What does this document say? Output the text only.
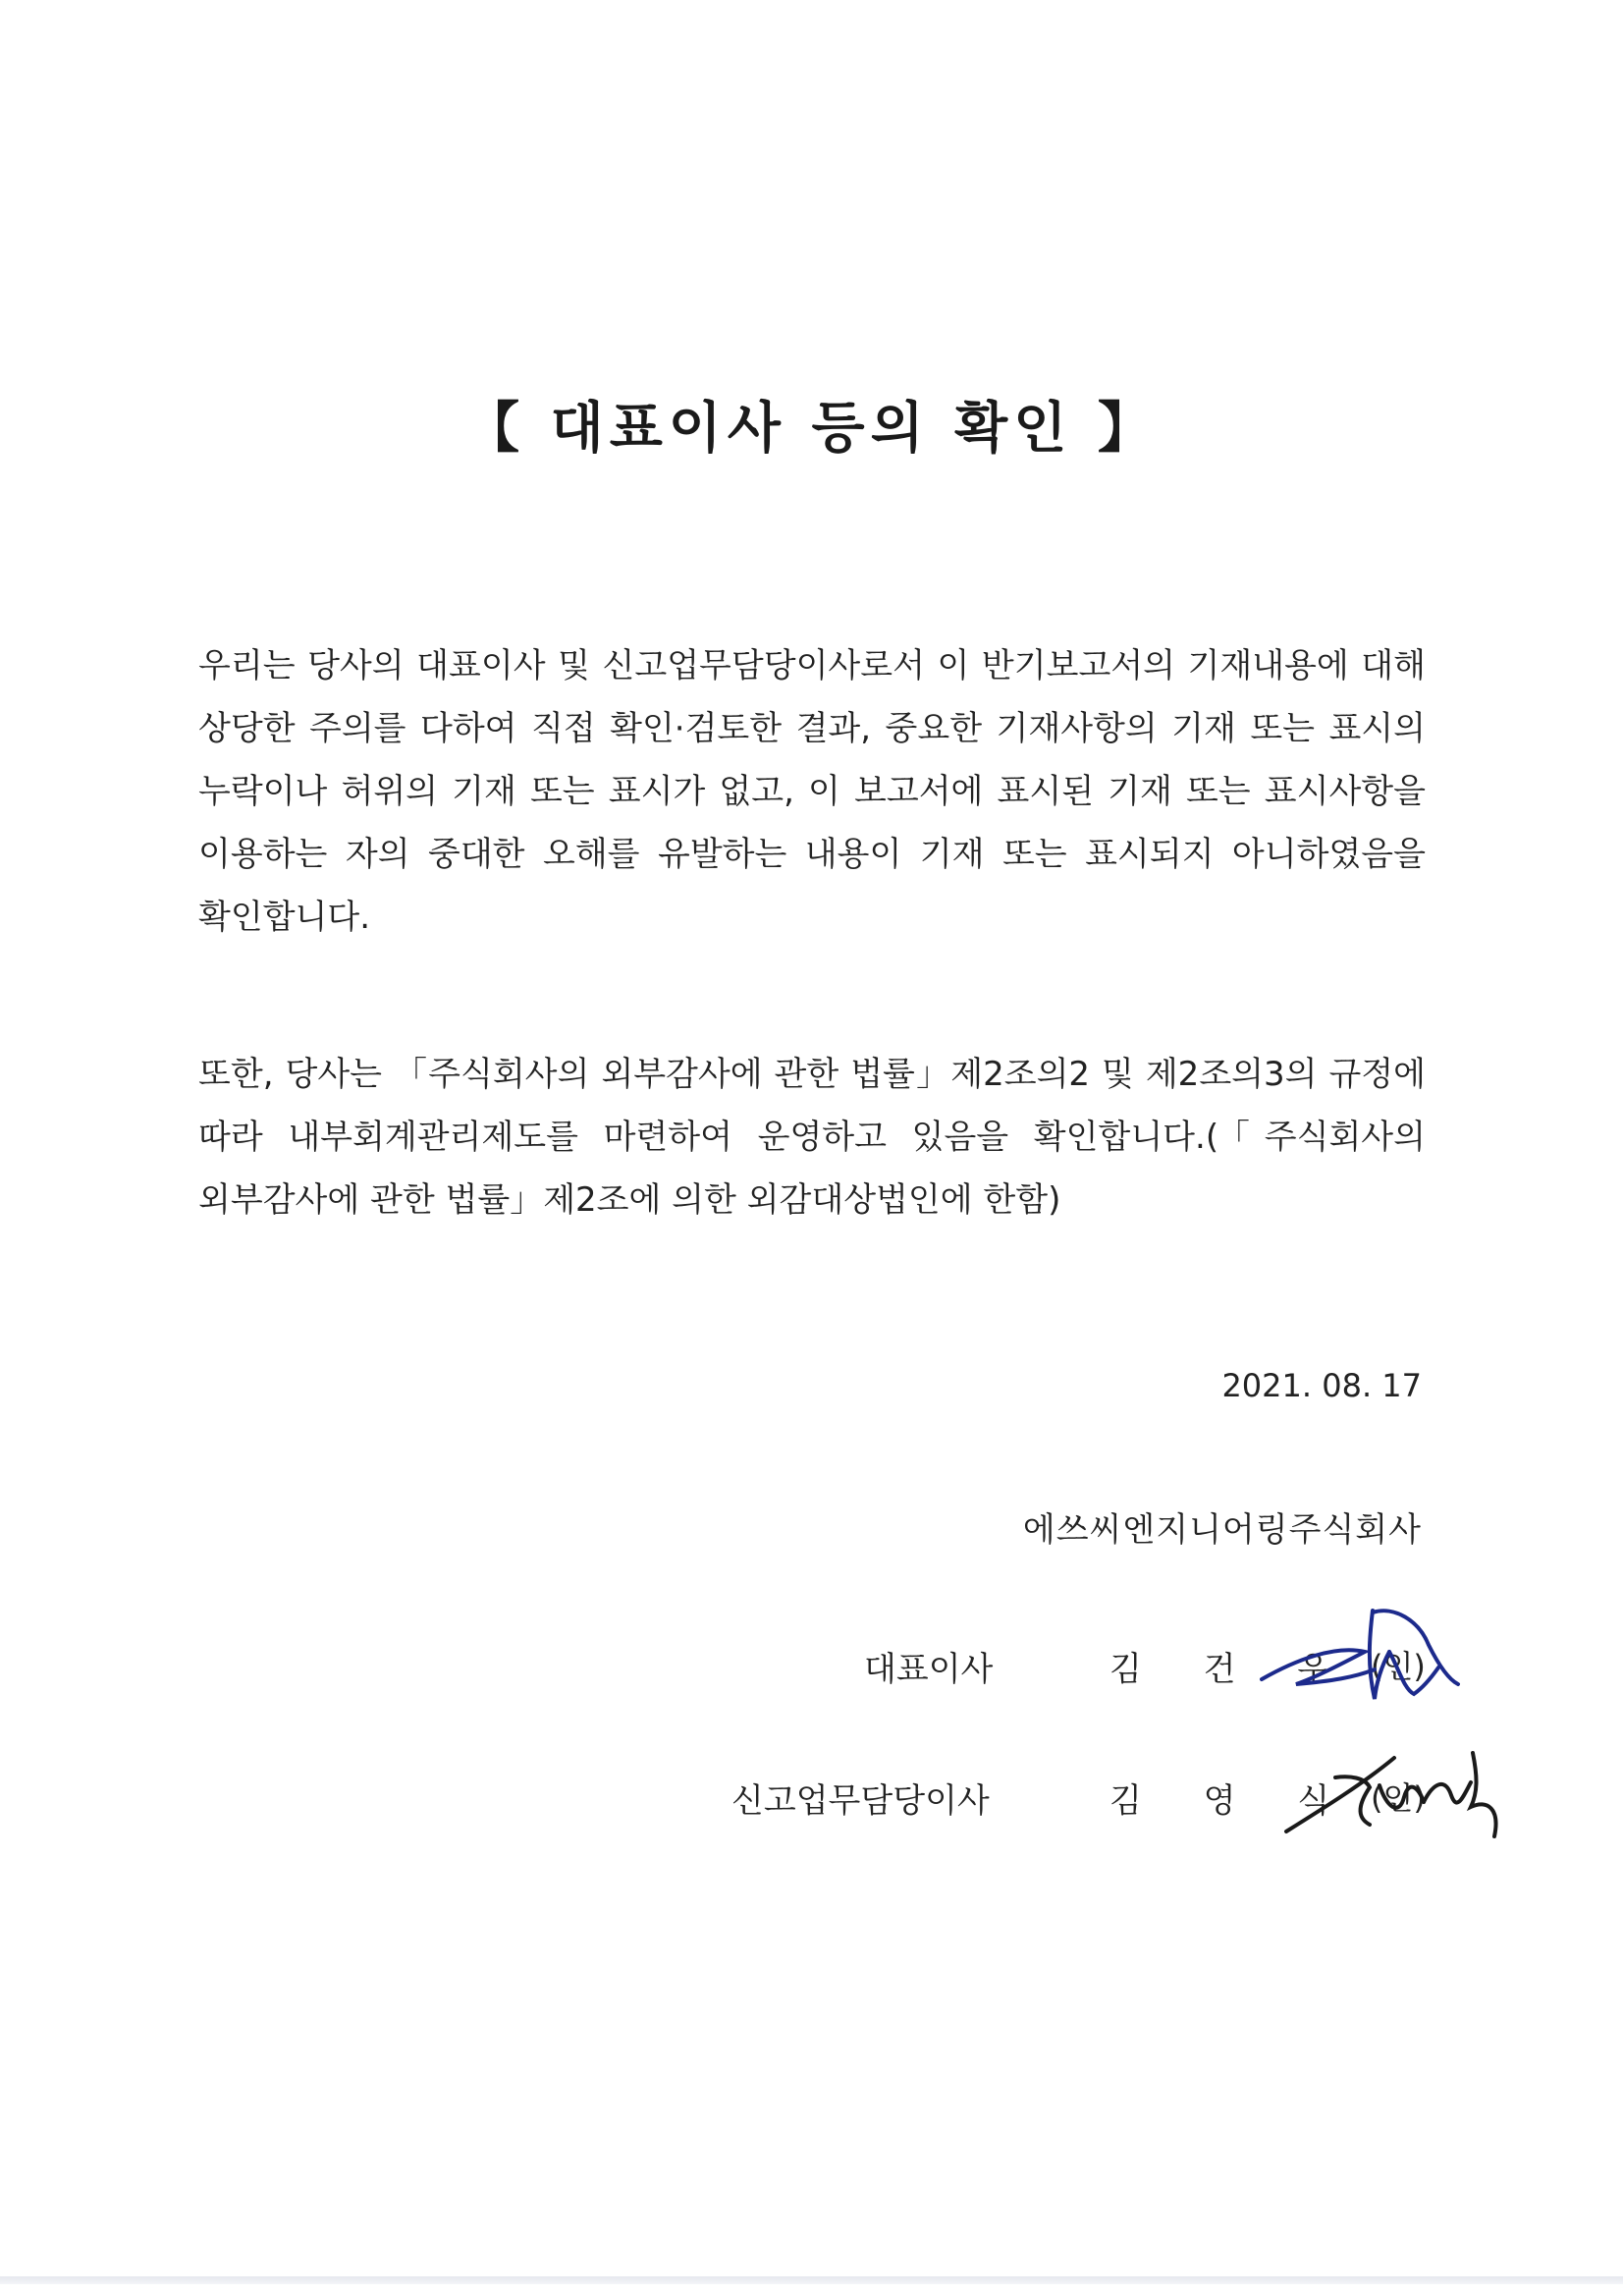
【 대표이사 등의 확인 】
우리는 당사의 대표이사 및 신고업무담당이사로서 이 반기보고서의 기재내용에 대해 상당한 주의를 다하여 직접 확인·검토한 결과, 중요한 기재사항의 기재 또는 표시의 누락이나 허위의 기재 또는 표시가 없고, 이 보고서에 표시된 기재 또는 표시사항을 이용하는 자의 중대한 오해를 유발하는 내용이 기재 또는 표시되지 아니하였음을 확인합니다.
또한, 당사는 「주식회사의 외부감사에 관한 법률」제2조의2 및 제2조의3의 규정에 따라 내부회계관리제도를 마련하여 운영하고 있음을 확인합니다.(「주식회사의 외부감사에 관한 법률」제2조에 의한 외감대상법인에 한함)
2021. 08. 17
에쓰씨엔지니어링주식회사
대표이사	김 건 우 (인)
신고업무담당이사	김 영 식 (인)
